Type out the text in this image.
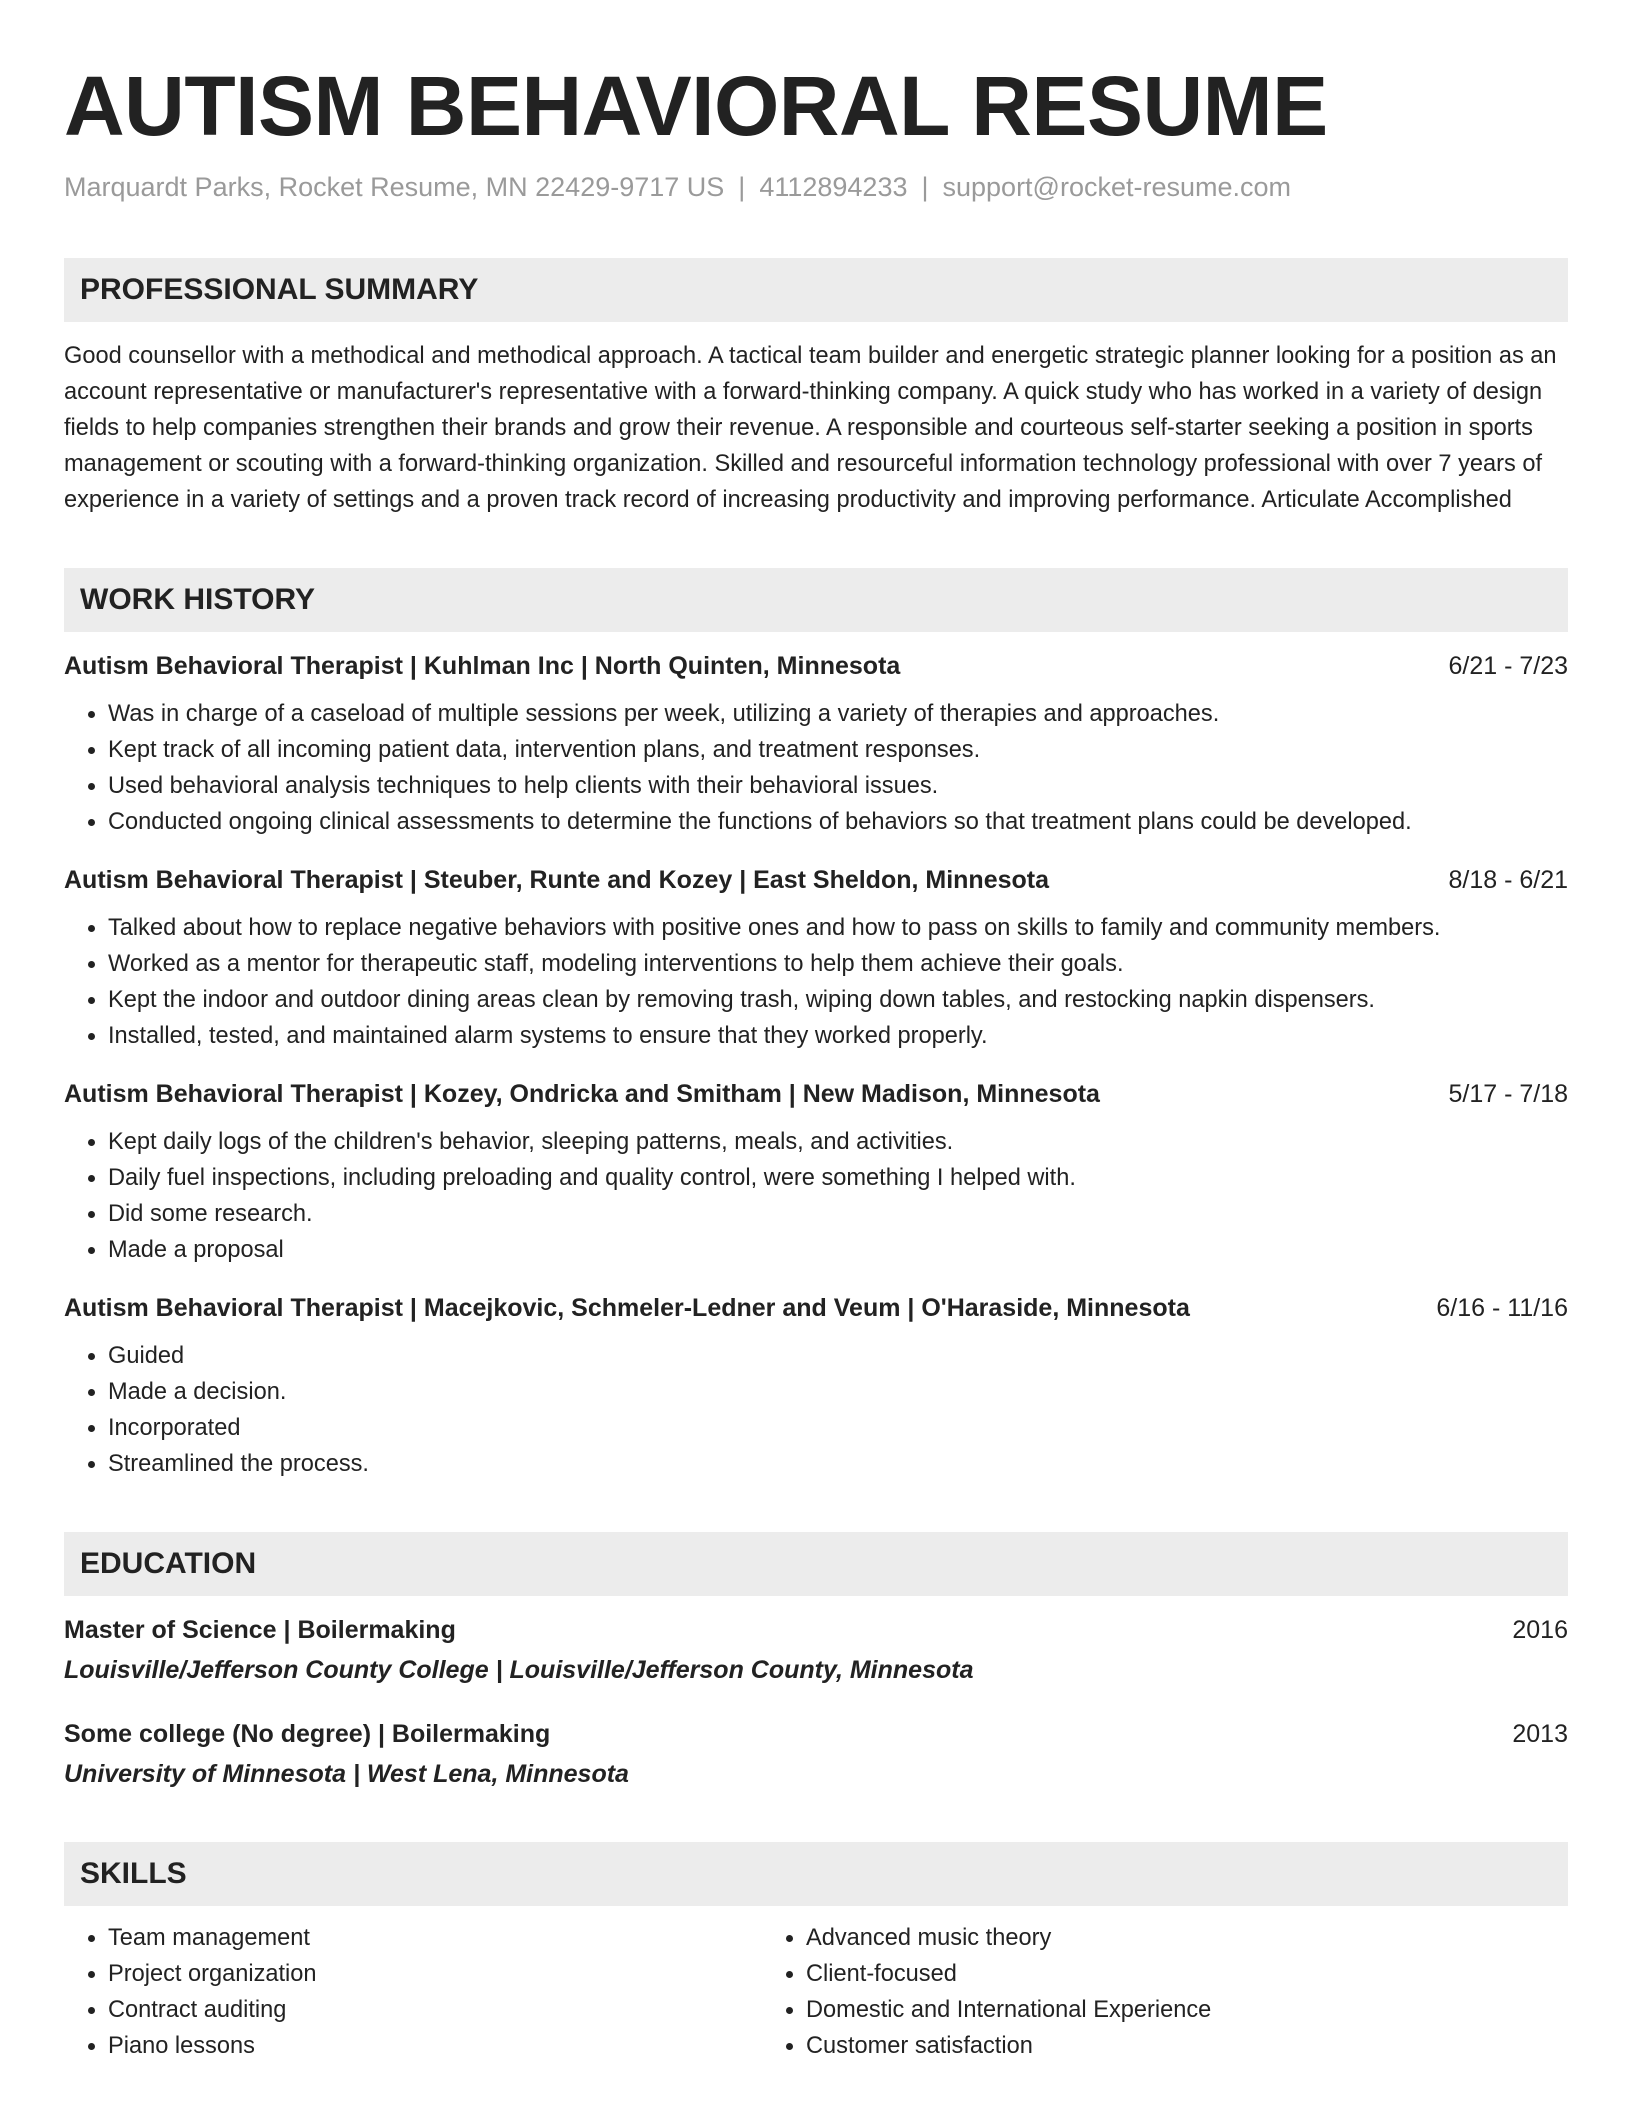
AUTISM BEHAVIORAL RESUME
Marquardt Parks, Rocket Resume, MN 22429-9717 US | 4112894233 | support@rocket-resume.com
PROFESSIONAL SUMMARY
Good counsellor with a methodical and methodical approach. A tactical team builder and energetic strategic planner looking for a position as an account representative or manufacturer's representative with a forward-thinking company. A quick study who has worked in a variety of design fields to help companies strengthen their brands and grow their revenue. A responsible and courteous self-starter seeking a position in sports management or scouting with a forward-thinking organization. Skilled and resourceful information technology professional with over 7 years of experience in a variety of settings and a proven track record of increasing productivity and improving performance. Articulate Accomplished
WORK HISTORY
Autism Behavioral Therapist | Kuhlman Inc | North Quinten, Minnesota	6/21 - 7/23
• Was in charge of a caseload of multiple sessions per week, utilizing a variety of therapies and approaches.
• Kept track of all incoming patient data, intervention plans, and treatment responses.
• Used behavioral analysis techniques to help clients with their behavioral issues.
• Conducted ongoing clinical assessments to determine the functions of behaviors so that treatment plans could be developed.
Autism Behavioral Therapist | Steuber, Runte and Kozey | East Sheldon, Minnesota	8/18 - 6/21
• Talked about how to replace negative behaviors with positive ones and how to pass on skills to family and community members.
• Worked as a mentor for therapeutic staff, modeling interventions to help them achieve their goals.
• Kept the indoor and outdoor dining areas clean by removing trash, wiping down tables, and restocking napkin dispensers.
• Installed, tested, and maintained alarm systems to ensure that they worked properly.
Autism Behavioral Therapist | Kozey, Ondricka and Smitham | New Madison, Minnesota	5/17 - 7/18
• Kept daily logs of the children's behavior, sleeping patterns, meals, and activities.
• Daily fuel inspections, including preloading and quality control, were something I helped with.
• Did some research.
• Made a proposal
Autism Behavioral Therapist | Macejkovic, Schmeler-Ledner and Veum | O'Haraside, Minnesota	6/16 - 11/16
• Guided
• Made a decision.
• Incorporated
• Streamlined the process.
EDUCATION
Master of Science | Boilermaking	2016
Louisville/Jefferson County College | Louisville/Jefferson County, Minnesota
Some college (No degree) | Boilermaking	2013
University of Minnesota | West Lena, Minnesota
SKILLS
• Team management
• Project organization
• Contract auditing
• Piano lessons
• Advanced music theory
• Client-focused
• Domestic and International Experience
• Customer satisfaction
